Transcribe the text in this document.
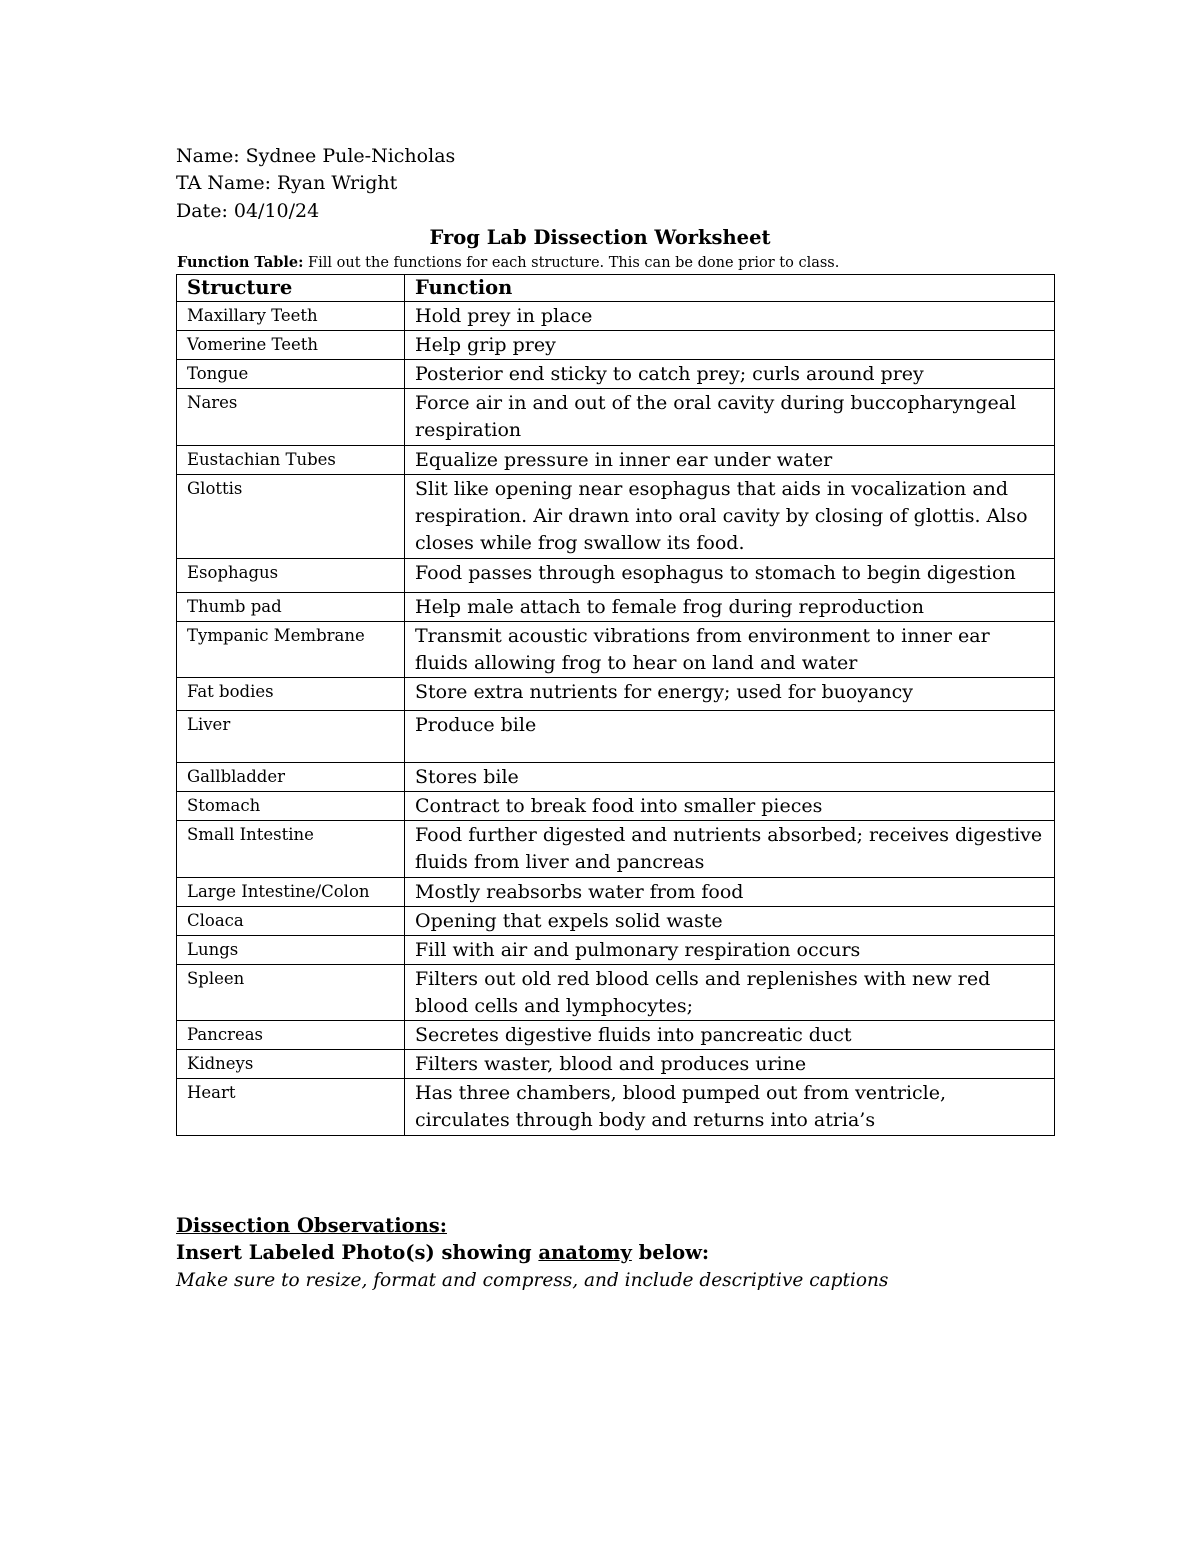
Name: Sydnee Pule-Nicholas
TA Name: Ryan Wright
Date: 04/10/24
Frog Lab Dissection Worksheet
Function Table: Fill out the functions for each structure. This can be done prior to class.
Structure	Function
Maxillary Teeth	Hold prey in place
Vomerine Teeth	Help grip prey
Tongue	Posterior end sticky to catch prey; curls around prey
Nares	Force air in and out of the oral cavity during buccopharyngeal respiration
Eustachian Tubes	Equalize pressure in inner ear under water
Glottis	Slit like opening near esophagus that aids in vocalization and respiration. Air drawn into oral cavity by closing of glottis. Also closes while frog swallow its food.
Esophagus	Food passes through esophagus to stomach to begin digestion
Thumb pad	Help male attach to female frog during reproduction
Tympanic Membrane	Transmit acoustic vibrations from environment to inner ear fluids allowing frog to hear on land and water
Fat bodies	Store extra nutrients for energy; used for buoyancy
Liver	Produce bile
Gallbladder	Stores bile
Stomach	Contract to break food into smaller pieces
Small Intestine	Food further digested and nutrients absorbed; receives digestive fluids from liver and pancreas
Large Intestine/Colon	Mostly reabsorbs water from food
Cloaca	Opening that expels solid waste
Lungs	Fill with air and pulmonary respiration occurs
Spleen	Filters out old red blood cells and replenishes with new red blood cells and lymphocytes;
Pancreas	Secretes digestive fluids into pancreatic duct
Kidneys	Filters waster, blood and produces urine
Heart	Has three chambers, blood pumped out from ventricle, circulates through body and returns into atria’s
Dissection Observations:
Insert Labeled Photo(s) showing anatomy below:
Make sure to resize, format and compress, and include descriptive captions
